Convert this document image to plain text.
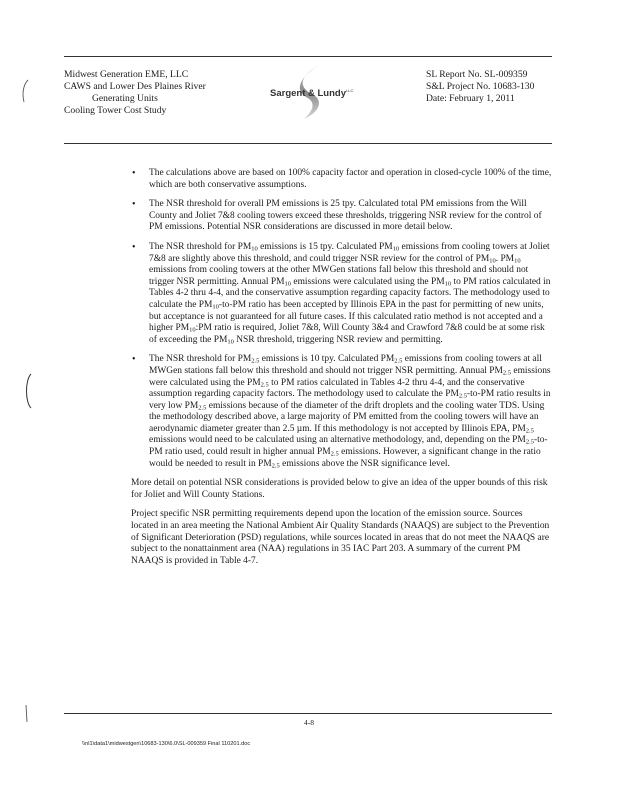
Midwest Generation EME, LLC
CAWS and Lower Des Plaines River
Generating Units
Cooling Tower Cost Study
Sargent & Lundy$^{LLC}$
SL Report No. SL-009359
S&L Project No. 10683-130
Date: February 1, 2011
• The calculations above are based on 100% capacity factor and operation in closed-cycle 100% of the time, which are both conservative assumptions.
• The NSR threshold for overall PM emissions is 25 tpy. Calculated total PM emissions from the Will County and Joliet 7&8 cooling towers exceed these thresholds, triggering NSR review for the control of PM emissions. Potential NSR considerations are discussed in more detail below.
• The NSR threshold for $PM_{10}$ emissions is 15 tpy. Calculated $PM_{10}$ emissions from cooling towers at Joliet 7&8 are slightly above this threshold, and could trigger NSR review for the control of $PM_{10}$. $PM_{10}$ emissions from cooling towers at the other MWGen stations fall below this threshold and should not trigger NSR permitting. Annual $PM_{10}$ emissions were calculated using the $PM_{10}$ to PM ratios calculated in Tables 4-2 thru 4-4, and the conservative assumption regarding capacity factors. The methodology used to calculate the $PM_{10}-to-PM$ ratio has been accepted by Illinois EPA in the past for permitting of new units, but acceptance is not guaranteed for all future cases. If this calculated ratio method is not accepted and a higher $PM_{10}:PM$ ratio is required, Joliet 7&8, Will County 3&4 and Crawford 7&8 could be at some risk of exceeding the $PM_{10}$ NSR threshold, triggering NSR review and permitting.
• The NSR threshold for $PM_{2.5}$ emissions is 10 tpy. Calculated $PM_{2.5}$ emissions from cooling towers at all MWGen stations fall below this threshold and should not trigger NSR permitting. Annual $PM_{2.5}$ emissions were calculated using the $PM_{2.5}$ to PM ratios calculated in Tables 4-2 thru 4-4, and the conservative assumption regarding capacity factors. The methodology used to calculate the $PM_{2.5}-to-PM$ ratio results in very low $PM_{2.5}$ emissions because of the diameter of the drift droplets and the cooling water TDS. Using the methodology described above, a large majority of PM emitted from the cooling towers will have an aerodynamic diameter greater than 2.5 µm. If this methodology is not accepted by Illinois EPA, $PM_{2.5}$ emissions would need to be calculated using an alternative methodology, and, depending on the $PM_{2.5}-to-PM$ ratio used, could result in higher annual $PM_{2.5}$ emissions. However, a significant change in the ratio would be needed to result in $PM_{2.5}$ emissions above the NSR significance level.

More detail on potential NSR considerations is provided below to give an idea of the upper bounds of this risk for Joliet and Will County Stations.

Project specific NSR permitting requirements depend upon the location of the emission source. Sources located in an area meeting the National Ambient Air Quality Standards (NAAQS) are subject to the Prevention of Significant Deterioration (PSD) regulations, while sources located in areas that do not meet the NAAQS are subject to the nonattainment area (NAA) regulations in 35 IAC Part 203. A summary of the current PM NAAQS is provided in Table 4-7.

4-8
\\nl1\data1\midwestgen\10683-130\6.0\SL-009359 Final 110201.doc
